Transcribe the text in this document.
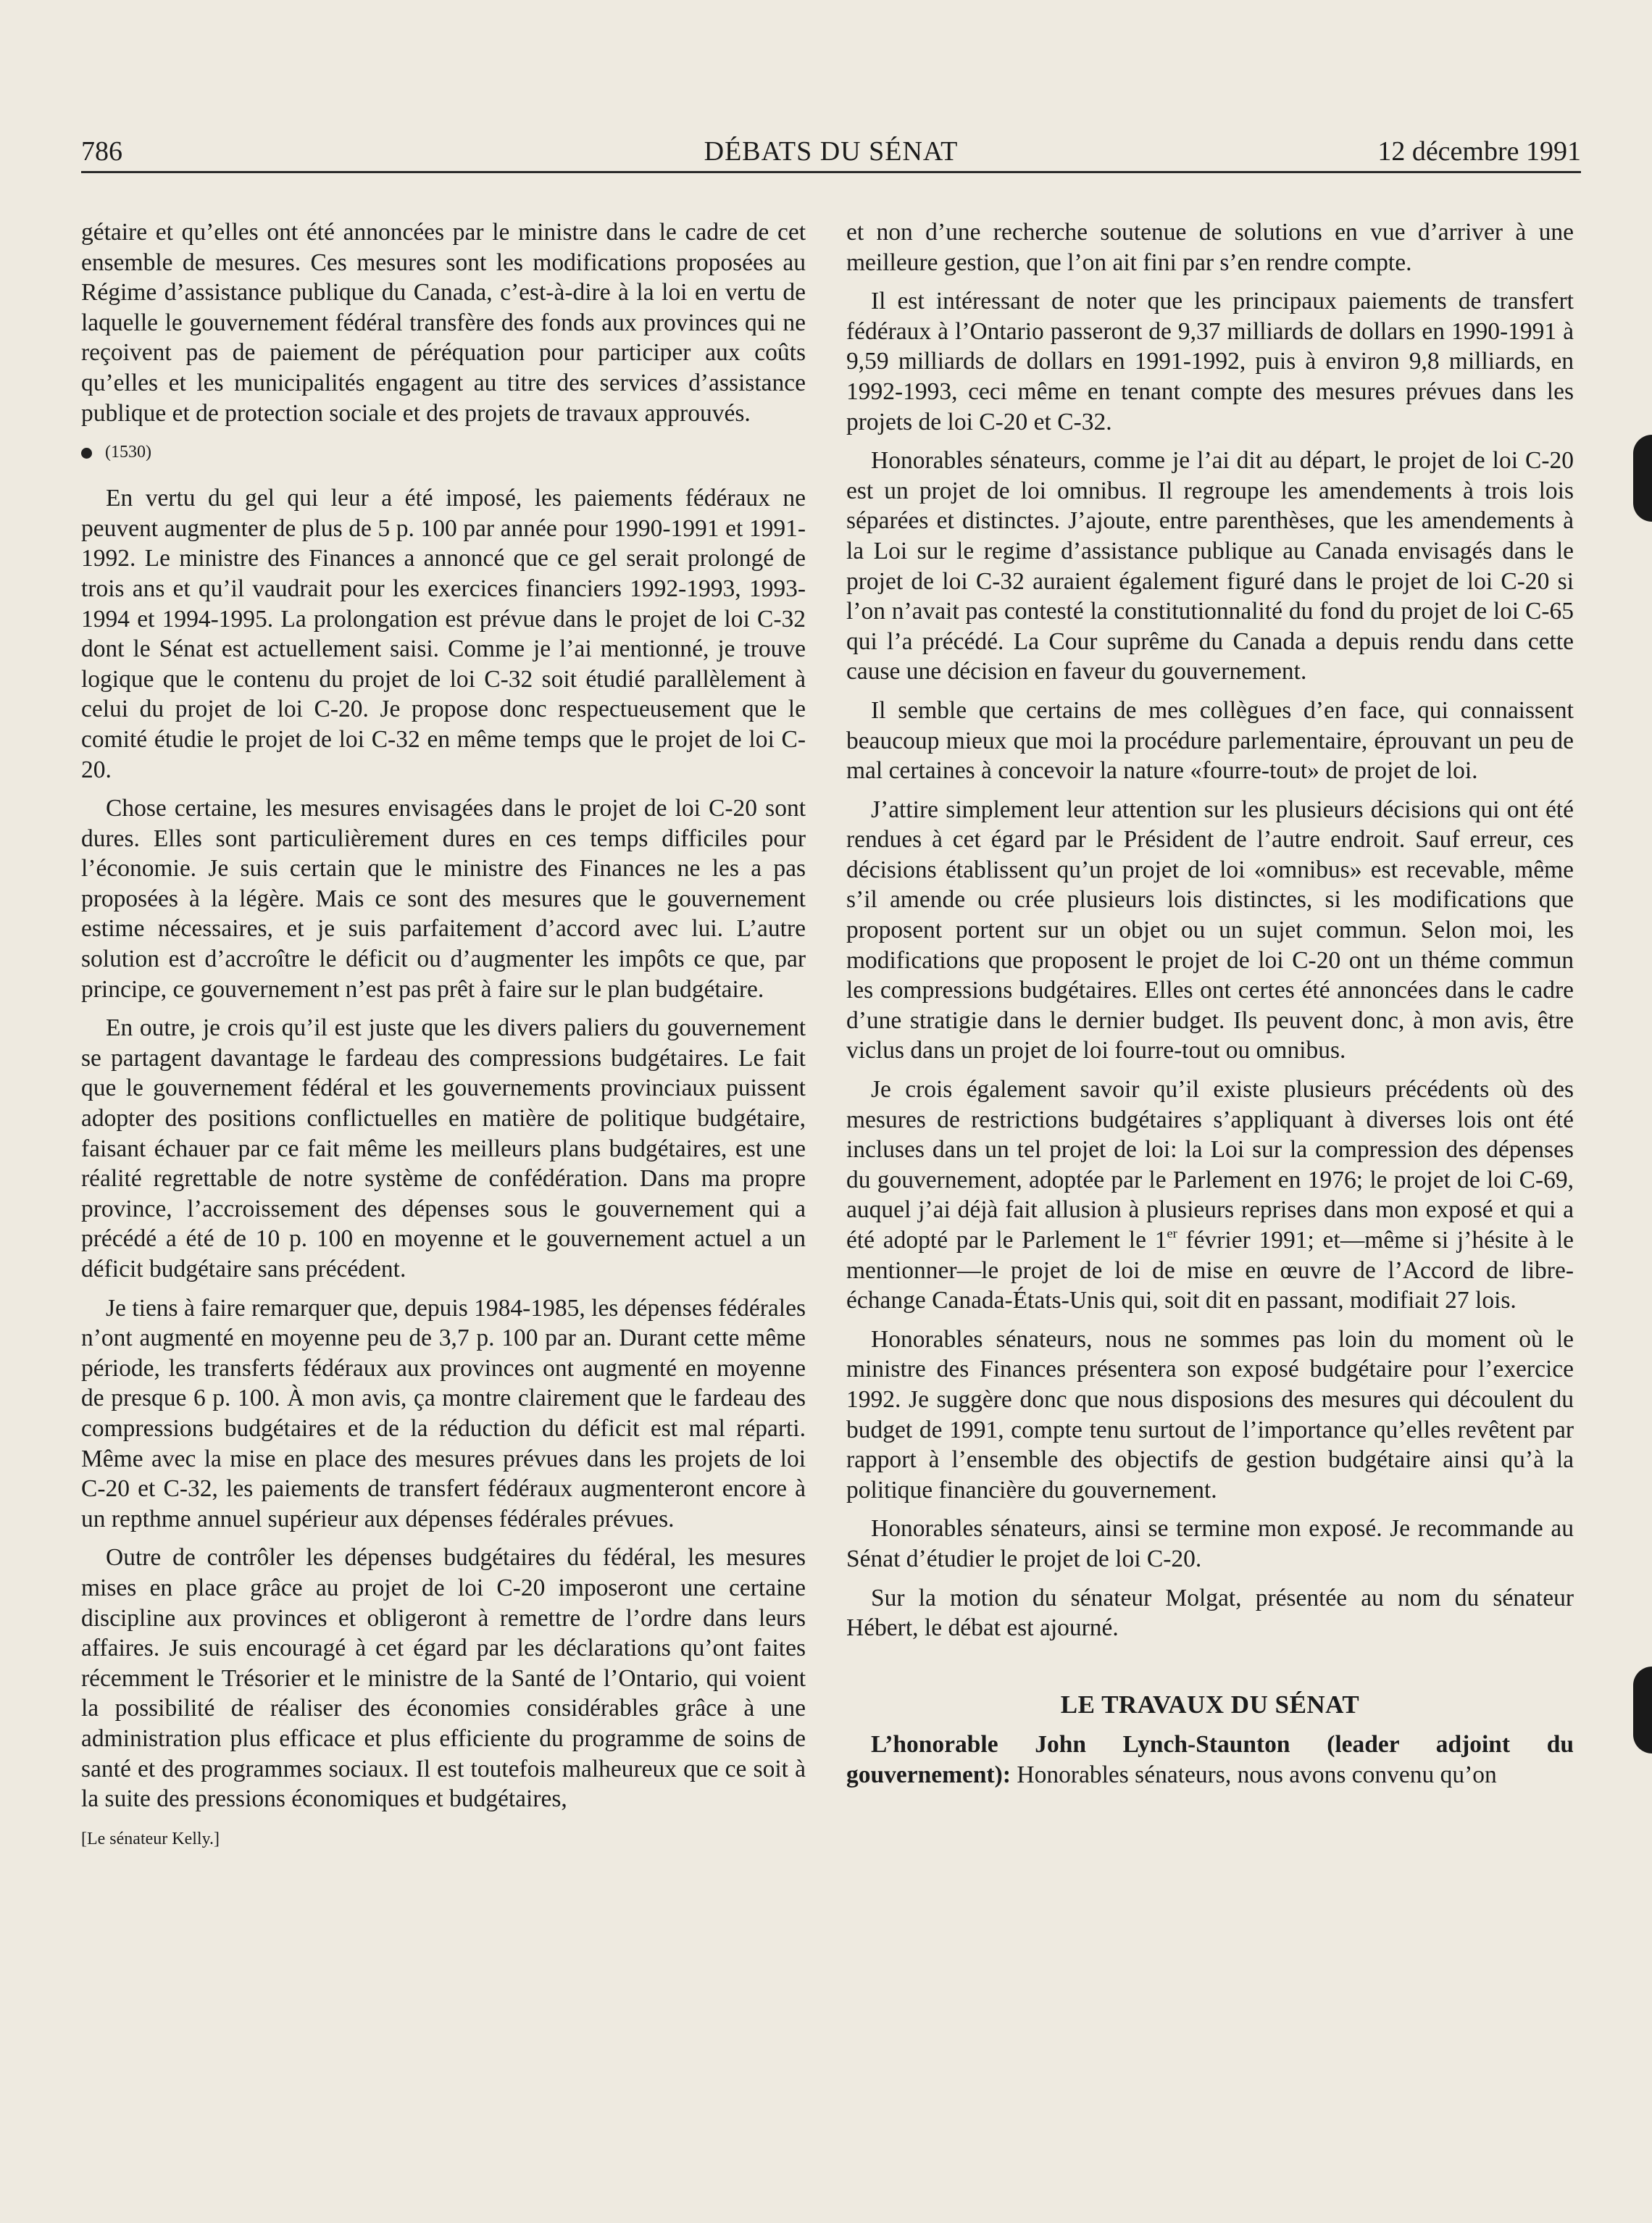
786	DÉBATS DU SÉNAT	12 décembre 1991

gétaire et qu’elles ont été annoncées par le ministre dans le cadre de cet ensemble de mesures. Ces mesures sont les modifications proposées au Régime d’assistance publique du Canada, c’est-à-dire à la loi en vertu de laquelle le gouvernement fédéral transfère des fonds aux provinces qui ne reçoivent pas de paiement de péréquation pour participer aux coûts qu’elles et les municipalités engagent au titre des services d’assistance publique et de protection sociale et des projets de travaux approuvés.

(1530)

En vertu du gel qui leur a été imposé, les paiements fédéraux ne peuvent augmenter de plus de 5 p. 100 par année pour 1990-1991 et 1991-1992. Le ministre des Finances a annoncé que ce gel serait prolongé de trois ans et qu’il vaudrait pour les exercices financiers 1992-1993, 1993-1994 et 1994-1995. La prolongation est prévue dans le projet de loi C-32 dont le Sénat est actuellement saisi. Comme je l’ai mentionné, je trouve logique que le contenu du projet de loi C-32 soit étudié parallèlement à celui du projet de loi C-20. Je propose donc respectueusement que le comité étudie le projet de loi C-32 en même temps que le projet de loi C-20.

Chose certaine, les mesures envisagées dans le projet de loi C-20 sont dures. Elles sont particulièrement dures en ces temps difficiles pour l’économie. Je suis certain que le ministre des Finances ne les a pas proposées à la légère. Mais ce sont des mesures que le gouvernement estime nécessaires, et je suis parfaitement d’accord avec lui. L’autre solution est d’accroître le déficit ou d’augmenter les impôts ce que, par principe, ce gouvernement n’est pas prêt à faire sur le plan budgétaire.

En outre, je crois qu’il est juste que les divers paliers du gouvernement se partagent davantage le fardeau des compressions budgétaires. Le fait que le gouvernement fédéral et les gouvernements provinciaux puissent adopter des positions conflictuelles en matière de politique budgétaire, faisant échauer par ce fait même les meilleurs plans budgétaires, est une réalité regrettable de notre système de confédération. Dans ma propre province, l’accroissement des dépenses sous le gouvernement qui a précédé a été de 10 p. 100 en moyenne et le gouvernement actuel a un déficit budgétaire sans précédent.

Je tiens à faire remarquer que, depuis 1984-1985, les dépenses fédérales n’ont augmenté en moyenne peu de 3,7 p. 100 par an. Durant cette même période, les transferts fédéraux aux provinces ont augmenté en moyenne de presque 6 p. 100. À mon avis, ça montre clairement que le fardeau des compressions budgétaires et de la réduction du déficit est mal réparti. Même avec la mise en place des mesures prévues dans les projets de loi C-20 et C-32, les paiements de transfert fédéraux augmenteront encore à un repthme annuel supérieur aux dépenses fédérales prévues.

Outre de contrôler les dépenses budgétaires du fédéral, les mesures mises en place grâce au projet de loi C-20 imposeront une certaine discipline aux provinces et obligeront à remettre de l’ordre dans leurs affaires. Je suis encouragé à cet égard par les déclarations qu’ont faites récemment le Trésorier et le ministre de la Santé de l’Ontario, qui voient la possibilité de réaliser des économies considérables grâce à une administration plus efficace et plus efficiente du programme de soins de santé et des programmes sociaux. Il est toutefois malheureux que ce soit à la suite des pressions économiques et budgétaires,

[Le sénateur Kelly.]

et non d’une recherche soutenue de solutions en vue d’arriver à une meilleure gestion, que l’on ait fini par s’en rendre compte.

Il est intéressant de noter que les principaux paiements de transfert fédéraux à l’Ontario passeront de 9,37 milliards de dollars en 1990-1991 à 9,59 milliards de dollars en 1991-1992, puis à environ 9,8 milliards, en 1992-1993, ceci même en tenant compte des mesures prévues dans les projets de loi C-20 et C-32.

Honorables sénateurs, comme je l’ai dit au départ, le projet de loi C-20 est un projet de loi omnibus. Il regroupe les amendements à trois lois séparées et distinctes. J’ajoute, entre parenthèses, que les amendements à la Loi sur le regime d’assistance publique au Canada envisagés dans le projet de loi C-32 auraient également figuré dans le projet de loi C-20 si l’on n’avait pas contesté la constitutionnalité du fond du projet de loi C-65 qui l’a précédé. La Cour suprême du Canada a depuis rendu dans cette cause une décision en faveur du gouvernement.

Il semble que certains de mes collègues d’en face, qui connaissent beaucoup mieux que moi la procédure parlementaire, éprouvant un peu de mal certaines à concevoir la nature «fourre-tout» de projet de loi.

J’attire simplement leur attention sur les plusieurs décisions qui ont été rendues à cet égard par le Président de l’autre endroit. Sauf erreur, ces décisions établissent qu’un projet de loi «omnibus» est recevable, même s’il amende ou crée plusieurs lois distinctes, si les modifications que proposent portent sur un objet ou un sujet commun. Selon moi, les modifications que proposent le projet de loi C-20 ont un théme commun les compressions budgétaires. Elles ont certes été annoncées dans le cadre d’une stratigie dans le dernier budget. Ils peuvent donc, à mon avis, être viclus dans un projet de loi fourre-tout ou omnibus.

Je crois également savoir qu’il existe plusieurs précédents où des mesures de restrictions budgétaires s’appliquant à diverses lois ont été incluses dans un tel projet de loi: la Loi sur la compression des dépenses du gouvernement, adoptée par le Parlement en 1976; le projet de loi C-69, auquel j’ai déjà fait allusion à plusieurs reprises dans mon exposé et qui a été adopté par le Parlement le 1er février 1991; et—même si j’hésite à le mentionner—le projet de loi de mise en œuvre de l’Accord de libre-échange Canada-États-Unis qui, soit dit en passant, modifiait 27 lois.

Honorables sénateurs, nous ne sommes pas loin du moment où le ministre des Finances présentera son exposé budgétaire pour l’exercice 1992. Je suggère donc que nous disposions des mesures qui découlent du budget de 1991, compte tenu surtout de l’importance qu’elles revêtent par rapport à l’ensemble des objectifs de gestion budgétaire ainsi qu’à la politique financière du gouvernement.

Honorables sénateurs, ainsi se termine mon exposé. Je recommande au Sénat d’étudier le projet de loi C-20.

Sur la motion du sénateur Molgat, présentée au nom du sénateur Hébert, le débat est ajourné.

LE TRAVAUX DU SÉNAT

L’honorable John Lynch-Staunton (leader adjoint du gouvernement): Honorables sénateurs, nous avons convenu qu’on
